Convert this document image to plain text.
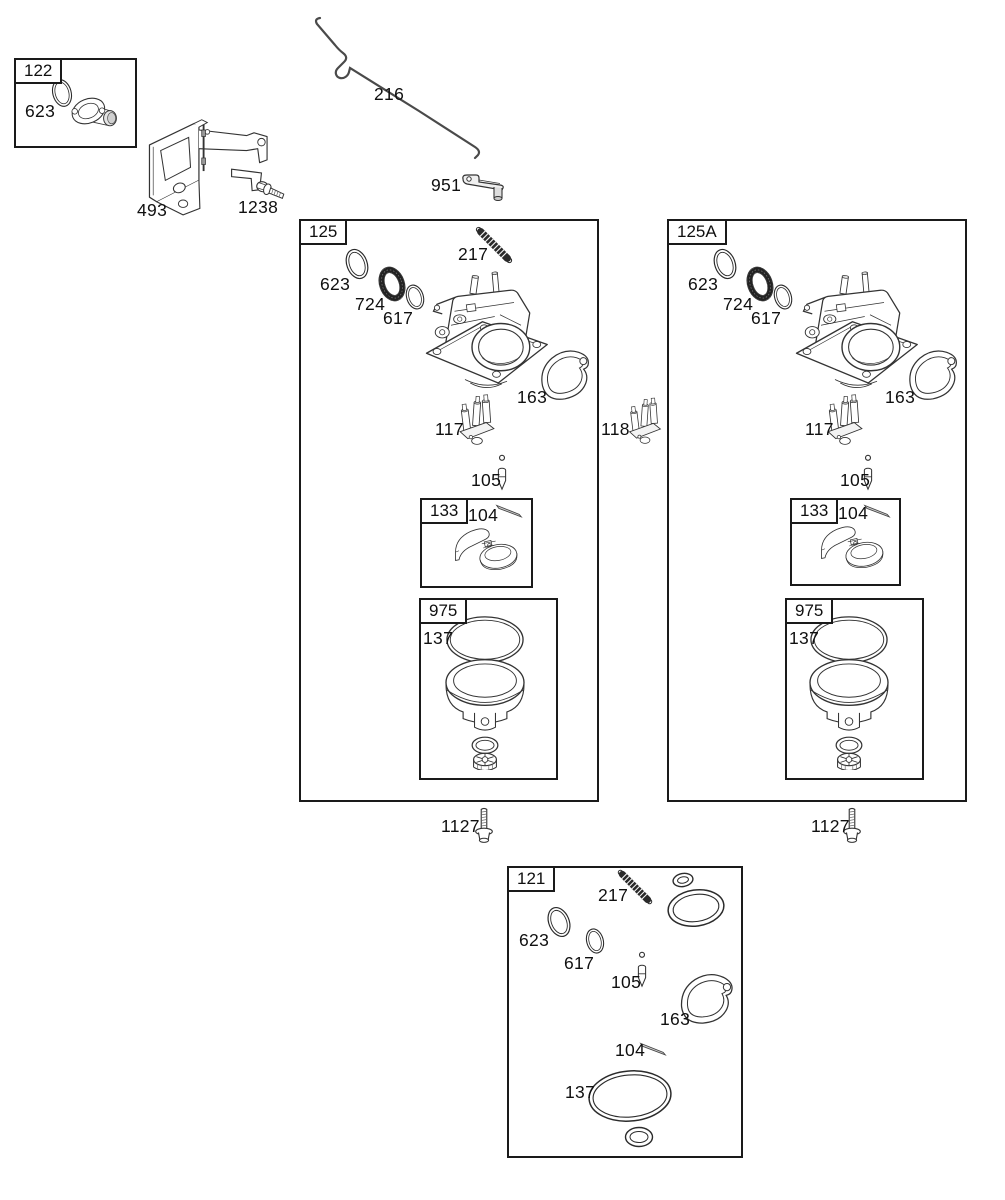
122
125	125A
133
975
133
975
121
623
493	1238
216
951
217
623
724
617
163
117
105
104
137
1127
118
623
724
617
163
117
105
104
137
1127
217
623
617
105
163
104
137
